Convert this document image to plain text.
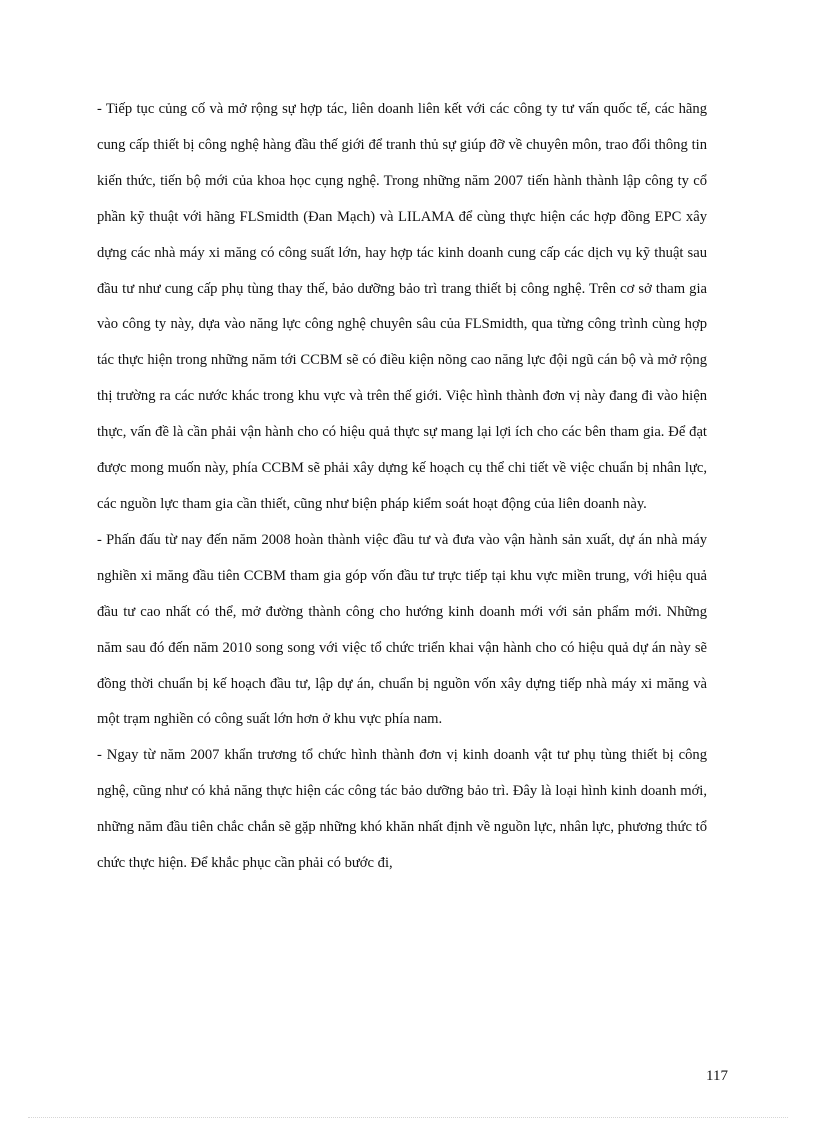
- Tiếp tục củng cố và mở rộng sự hợp tác, liên doanh liên kết với các công ty tư vấn quốc tế, các hãng cung cấp thiết bị công nghệ hàng đầu thế giới để tranh thủ sự giúp đỡ về chuyên môn, trao đổi thông tin kiến thức, tiến bộ mới của khoa học cụng nghệ. Trong những năm 2007 tiến hành thành lập công ty cổ phần kỹ thuật với hãng FLSmidth (Đan Mạch) và LILAMA để cùng thực hiện các hợp đồng EPC xây dựng các nhà máy xi măng có công suất lớn, hay hợp tác kinh doanh cung cấp các dịch vụ kỹ thuật sau đầu tư như cung cấp phụ tùng thay thế, bảo dưỡng bảo trì trang thiết bị công nghệ. Trên cơ sở tham gia vào công ty này, dựa vào năng lực công nghệ chuyên sâu của FLSmidth, qua từng công trình cùng hợp tác thực hiện trong những năm tới CCBM sẽ có điều kiện nõng cao năng lực đội ngũ cán bộ và mở rộng thị trường ra các nước khác trong khu vực và trên thế giới. Việc hình thành đơn vị này đang đi vào hiện thực, vấn đề là cần phải vận hành cho có hiệu quả thực sự mang lại lợi ích cho các bên tham gia. Để đạt được mong muốn này, phía CCBM sẽ phải xây dựng kế hoạch cụ thể chi tiết về việc chuẩn bị nhân lực, các nguồn lực tham gia cần thiết, cũng như biện pháp kiểm soát hoạt động của liên doanh này.

- Phấn đấu từ nay đến năm 2008 hoàn thành việc đầu tư và đưa vào vận hành sản xuất, dự án nhà máy nghiền xi măng đầu tiên CCBM tham gia góp vốn đầu tư trực tiếp tại khu vực miền trung, với hiệu quả đầu tư cao nhất có thể, mở đường thành công cho hướng kinh doanh mới với sản phẩm mới. Những năm sau đó đến năm 2010 song song với việc tổ chức triển khai vận hành cho có hiệu quả dự án này sẽ đồng thời chuẩn bị kế hoạch đầu tư, lập dự án, chuẩn bị nguồn vốn xây dựng tiếp nhà máy xi măng và một trạm nghiền có công suất lớn hơn ở khu vực phía nam.

- Ngay từ năm 2007 khẩn trương tổ chức hình thành đơn vị kinh doanh vật tư phụ tùng thiết bị công nghệ, cũng như có khả năng thực hiện các công tác bảo dưỡng bảo trì. Đây là loại hình kinh doanh mới, những năm đầu tiên chắc chắn sẽ gặp những khó khăn nhất định về nguồn lực, nhân lực, phương thức tổ chức thực hiện. Để khắc phục cần phải có bước đi,

117
